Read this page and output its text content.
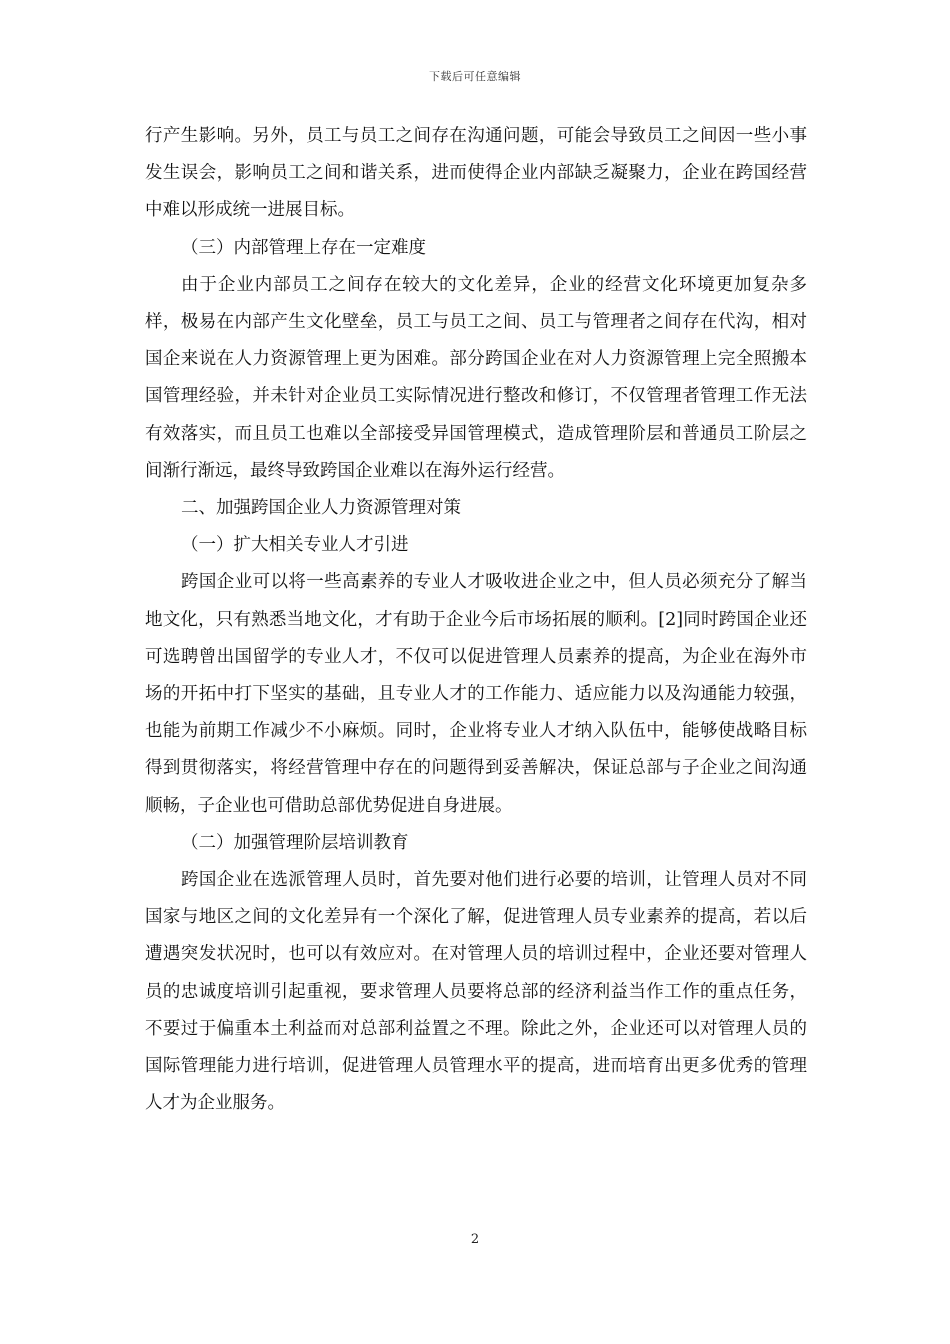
下载后可任意编辑

行产生影响。另外，员工与员工之间存在沟通问题，可能会导致员工之间因一些小事发生误会，影响员工之间和谐关系，进而使得企业内部缺乏凝聚力，企业在跨国经营中难以形成统一进展目标。

（三）内部管理上存在一定难度

由于企业内部员工之间存在较大的文化差异，企业的经营文化环境更加复杂多样，极易在内部产生文化壁垒，员工与员工之间、员工与管理者之间存在代沟，相对国企来说在人力资源管理上更为困难。部分跨国企业在对人力资源管理上完全照搬本国管理经验，并未针对企业员工实际情况进行整改和修订，不仅管理者管理工作无法有效落实，而且员工也难以全部接受异国管理模式，造成管理阶层和普通员工阶层之间渐行渐远，最终导致跨国企业难以在海外运行经营。

二、加强跨国企业人力资源管理对策

（一）扩大相关专业人才引进

跨国企业可以将一些高素养的专业人才吸收进企业之中，但人员必须充分了解当地文化，只有熟悉当地文化，才有助于企业今后市场拓展的顺利。[2]同时跨国企业还可选聘曾出国留学的专业人才，不仅可以促进管理人员素养的提高，为企业在海外市场的开拓中打下坚实的基础，且专业人才的工作能力、适应能力以及沟通能力较强，也能为前期工作减少不小麻烦。同时，企业将专业人才纳入队伍中，能够使战略目标得到贯彻落实，将经营管理中存在的问题得到妥善解决，保证总部与子企业之间沟通顺畅，子企业也可借助总部优势促进自身进展。

（二）加强管理阶层培训教育

跨国企业在选派管理人员时，首先要对他们进行必要的培训，让管理人员对不同国家与地区之间的文化差异有一个深化了解，促进管理人员专业素养的提高，若以后遭遇突发状况时，也可以有效应对。在对管理人员的培训过程中，企业还要对管理人员的忠诚度培训引起重视，要求管理人员要将总部的经济利益当作工作的重点任务，不要过于偏重本土利益而对总部利益置之不理。除此之外，企业还可以对管理人员的国际管理能力进行培训，促进管理人员管理水平的提高，进而培育出更多优秀的管理人才为企业服务。

2
